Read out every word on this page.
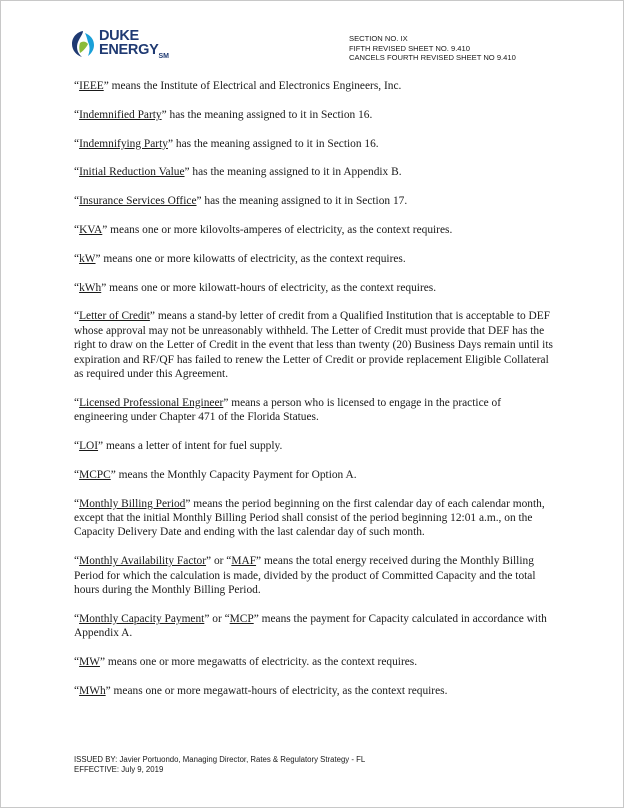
DUKE
$ENERGY_{SM}$
SECTION NO. IX
FIFTH REVISED SHEET NO. 9.410
CANCELS FOURTH REVISED SHEET NO 9.410

“IEEE” means the Institute of Electrical and Electronics Engineers, Inc.

“Indemnified Party” has the meaning assigned to it in Section 16.

“Indemnifying Party” has the meaning assigned to it in Section 16.

“Initial Reduction Value” has the meaning assigned to it in Appendix B.

“Insurance Services Office” has the meaning assigned to it in Section 17.

“KVA” means one or more kilovolts-amperes of electricity, as the context requires.

“kW” means one or more kilowatts of electricity, as the context requires.

“kWh” means one or more kilowatt-hours of electricity, as the context requires.

“Letter of Credit” means a stand-by letter of credit from a Qualified Institution that is acceptable to DEF whose approval may not be unreasonably withheld. The Letter of Credit must provide that DEF has the right to draw on the Letter of Credit in the event that less than twenty (20) Business Days remain until its expiration and RF/QF has failed to renew the Letter of Credit or provide replacement Eligible Collateral as required under this Agreement.

“Licensed Professional Engineer” means a person who is licensed to engage in the practice of engineering under Chapter 471 of the Florida Statues.

“LOI” means a letter of intent for fuel supply.

“MCPC” means the Monthly Capacity Payment for Option A.

“Monthly Billing Period” means the period beginning on the first calendar day of each calendar month, except that the initial Monthly Billing Period shall consist of the period beginning 12:01 a.m., on the Capacity Delivery Date and ending with the last calendar day of such month.

“Monthly Availability Factor” or “MAF” means the total energy received during the Monthly Billing Period for which the calculation is made, divided by the product of Committed Capacity and the total hours during the Monthly Billing Period.

“Monthly Capacity Payment” or “MCP” means the payment for Capacity calculated in accordance with Appendix A.

“MW” means one or more megawatts of electricity. as the context requires.

“MWh” means one or more megawatt-hours of electricity, as the context requires.

ISSUED BY: Javier Portuondo, Managing Director, Rates & Regulatory Strategy - FL
EFFECTIVE: July 9, 2019
